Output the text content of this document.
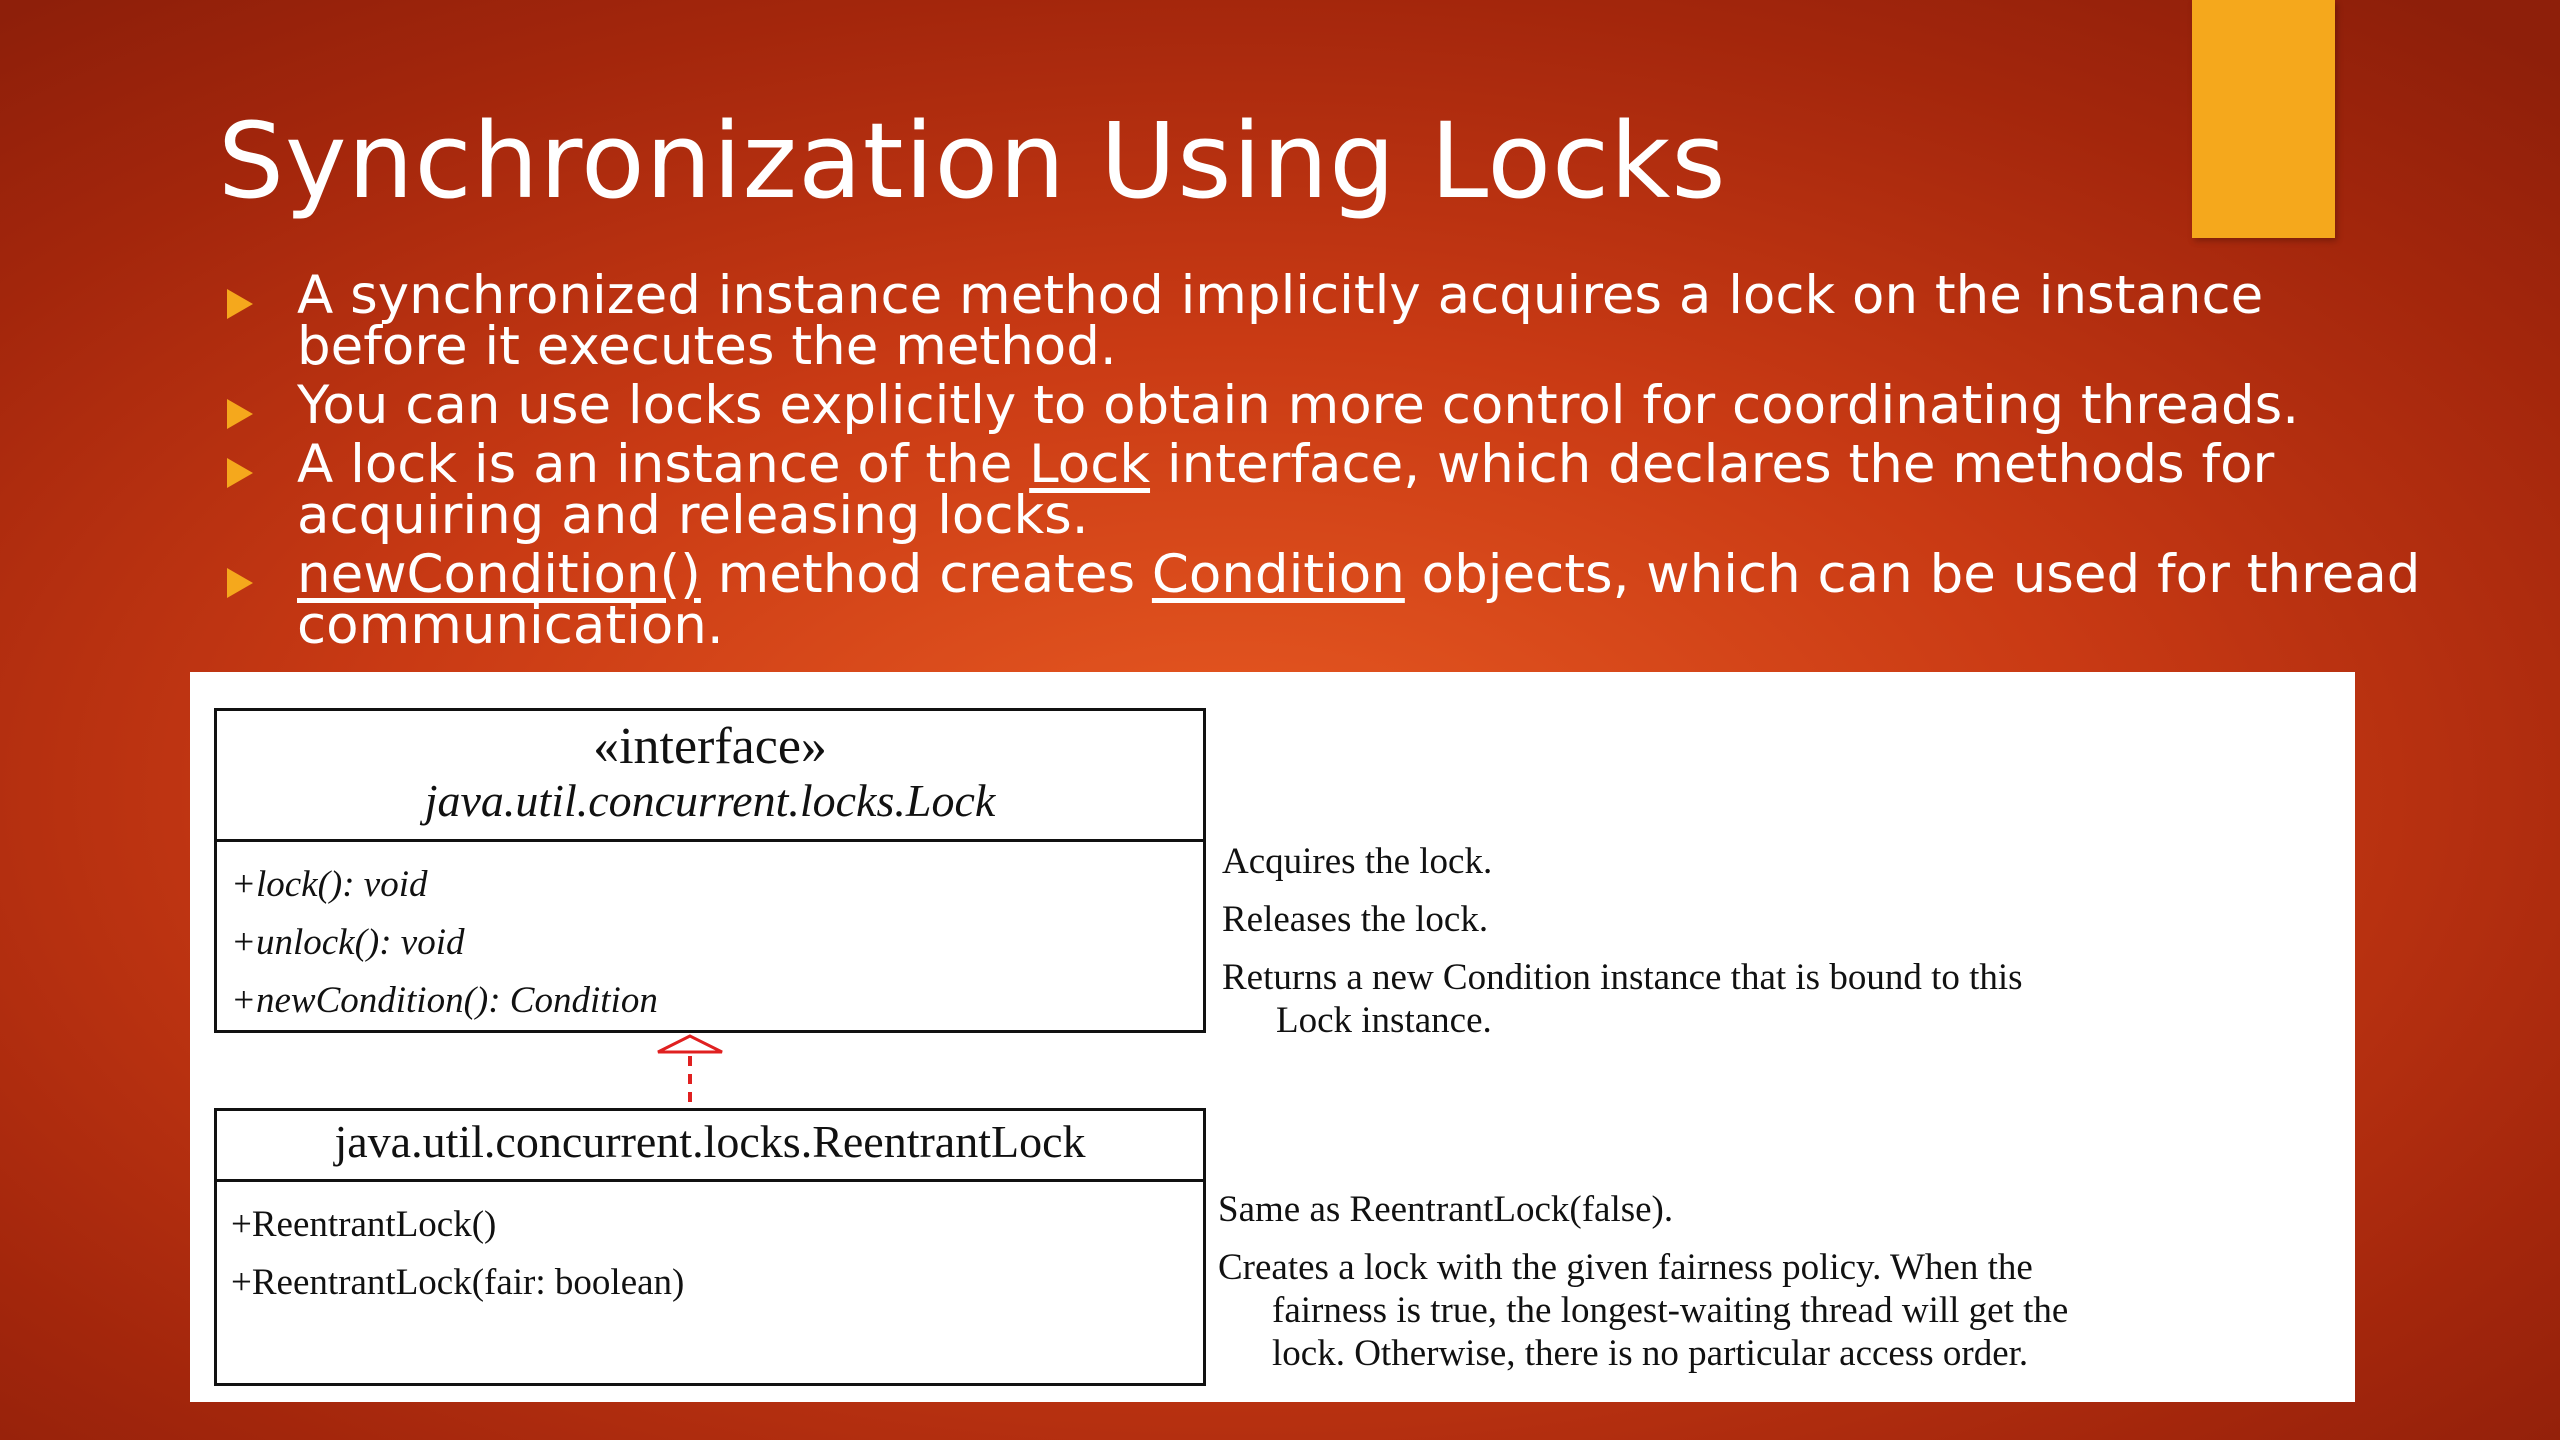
Synchronization Using Locks
A synchronized instance method implicitly acquires a lock on the instance before it executes the method.
You can use locks explicitly to obtain more control for coordinating threads.
A lock is an instance of the Lock interface, which declares the methods for acquiring and releasing locks.
newCondition() method creates Condition objects, which can be used for thread communication.
«interface»
java.util.concurrent.locks.Lock
+lock(): void
+unlock(): void
+newCondition(): Condition
java.util.concurrent.locks.ReentrantLock
+ReentrantLock()
+ReentrantLock(fair: boolean)
Acquires the lock.
Releases the lock.
Returns a new Condition instance that is bound to this
Lock instance.
Same as ReentrantLock(false).
Creates a lock with the given fairness policy. When the
fairness is true, the longest-waiting thread will get the
lock. Otherwise, there is no particular access order.
